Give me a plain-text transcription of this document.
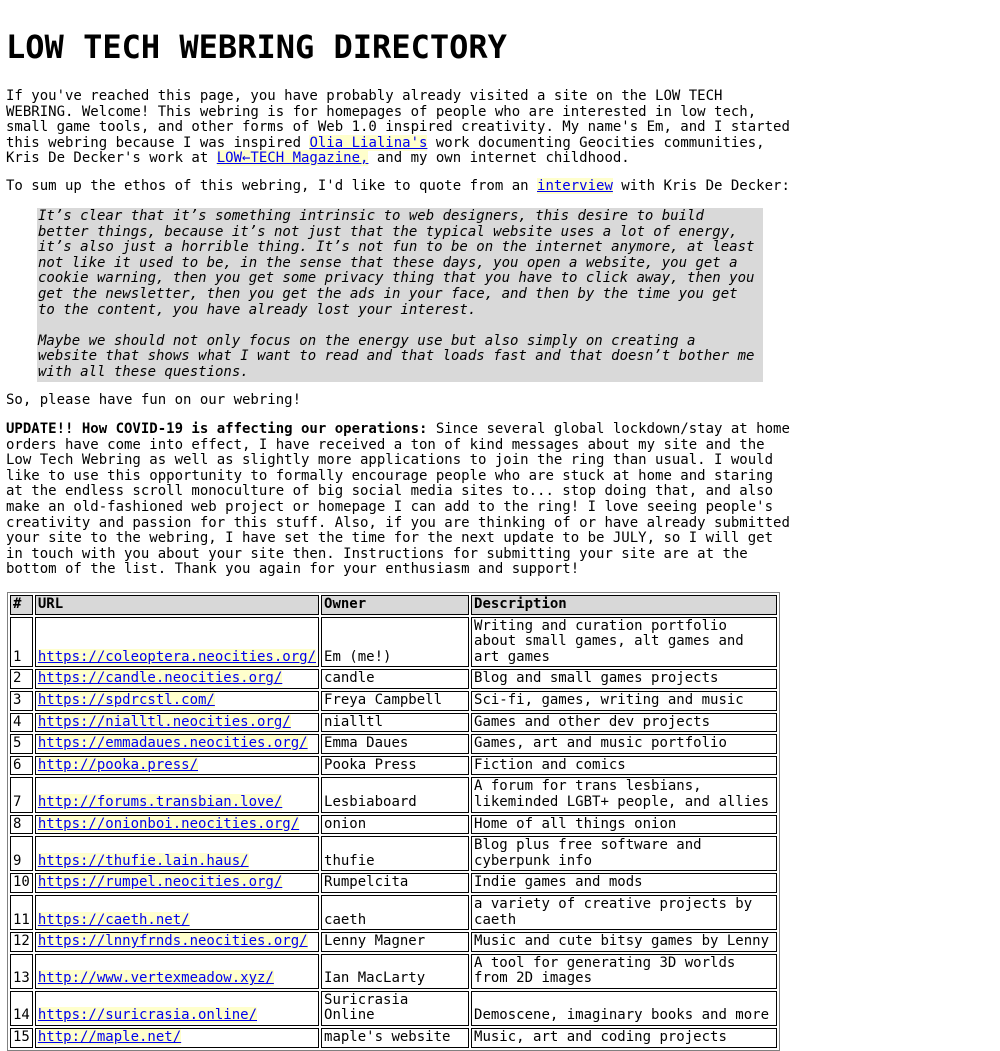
LOW TECH WEBRING DIRECTORY

If you've reached this page, you have probably already visited a site on the LOW TECH WEBRING. Welcome! This webring is for homepages of people who are interested in low tech, small game tools, and other forms of Web 1.0 inspired creativity. My name's Em, and I started this webring because I was inspired Olia Lialina's work documenting Geocities communities, Kris De Decker's work at LOW←TECH Magazine, and my own internet childhood.

To sum up the ethos of this webring, I'd like to quote from an interview with Kris De Decker:

It’s clear that it’s something intrinsic to web designers, this desire to build better things, because it’s not just that the typical website uses a lot of energy, it’s also just a horrible thing. It’s not fun to be on the internet anymore, at least not like it used to be, in the sense that these days, you open a website, you get a cookie warning, then you get some privacy thing that you have to click away, then you get the newsletter, then you get the ads in your face, and then by the time you get to the content, you have already lost your interest.

Maybe we should not only focus on the energy use but also simply on creating a website that shows what I want to read and that loads fast and that doesn’t bother me with all these questions.

So, please have fun on our webring!

UPDATE!! How COVID-19 is affecting our operations: Since several global lockdown/stay at home orders have come into effect, I have received a ton of kind messages about my site and the Low Tech Webring as well as slightly more applications to join the ring than usual. I would like to use this opportunity to formally encourage people who are stuck at home and staring at the endless scroll monoculture of big social media sites to... stop doing that, and also make an old-fashioned web project or homepage I can add to the ring! I love seeing people's creativity and passion for this stuff. Also, if you are thinking of or have already submitted your site to the webring, I have set the time for the next update to be JULY, so I will get in touch with you about your site then. Instructions for submitting your site are at the bottom of the list. Thank you again for your enthusiasm and support!

#	URL	Owner	Description
1	https://coleoptera.neocities.org/	Em (me!)	Writing and curation portfolio about small games, alt games and art games
2	https://candle.neocities.org/	candle	Blog and small games projects
3	https://spdrcstl.com/	Freya Campbell	Sci-fi, games, writing and music
4	https://nialltl.neocities.org/	nialltl	Games and other dev projects
5	https://emmadaues.neocities.org/	Emma Daues	Games, art and music portfolio
6	http://pooka.press/	Pooka Press	Fiction and comics
7	http://forums.transbian.love/	Lesbiaboard	A forum for trans lesbians, likeminded LGBT+ people, and allies
8	https://onionboi.neocities.org/	onion	Home of all things onion
9	https://thufie.lain.haus/	thufie	Blog plus free software and cyberpunk info
10	https://rumpel.neocities.org/	Rumpelcita	Indie games and mods
11	https://caeth.net/	caeth	a variety of creative projects by caeth
12	https://lnnyfrnds.neocities.org/	Lenny Magner	Music and cute bitsy games by Lenny
13	http://www.vertexmeadow.xyz/	Ian MacLarty	A tool for generating 3D worlds from 2D images
14	https://suricrasia.online/	Suricrasia Online	Demoscene, imaginary books and more
15	http://maple.net/	maple's website	Music, art and coding projects
